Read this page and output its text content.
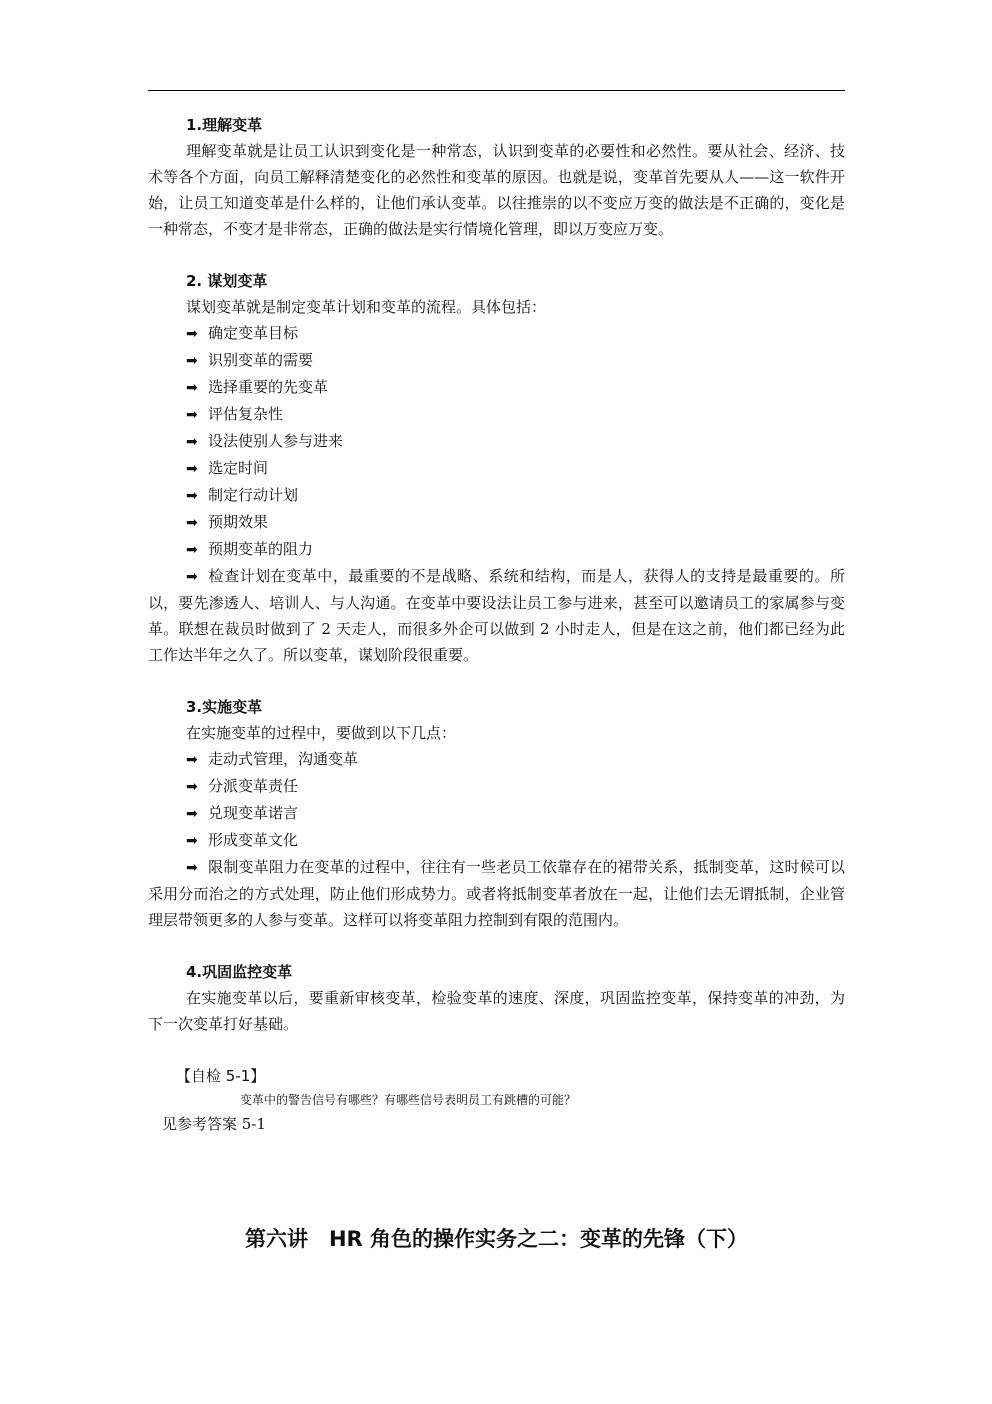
1.理解变革

理解变革就是让员工认识到变化是一种常态，认识到变革的必要性和必然性。要从社会、经济、技术等各个方面，向员工解释清楚变化的必然性和变革的原因。也就是说，变革首先要从人——这一软件开始，让员工知道变革是什么样的，让他们承认变革。以往推崇的以不变应万变的做法是不正确的，变化是一种常态，不变才是非常态，正确的做法是实行情境化管理，即以万变应万变。

2. 谋划变革

谋划变革就是制定变革计划和变革的流程。具体包括：

➡ 确定变革目标

➡ 识别变革的需要

➡ 选择重要的先变革

➡ 评估复杂性

➡ 设法使别人参与进来

➡ 选定时间

➡ 制定行动计划

➡ 预期效果

➡ 预期变革的阻力

➡ 检查计划在变革中，最重要的不是战略、系统和结构，而是人，获得人的支持是最重要的。所以，要先渗透人、培训人、与人沟通。在变革中要设法让员工参与进来，甚至可以邀请员工的家属参与变革。联想在裁员时做到了 2 天走人，而很多外企可以做到 2 小时走人，但是在这之前，他们都已经为此工作达半年之久了。所以变革，谋划阶段很重要。

3.实施变革

在实施变革的过程中，要做到以下几点：

➡ 走动式管理，沟通变革

➡ 分派变革责任

➡ 兑现变革诺言

➡ 形成变革文化

➡ 限制变革阻力在变革的过程中，往往有一些老员工依靠存在的裙带关系，抵制变革，这时候可以采用分而治之的方式处理，防止他们形成势力。或者将抵制变革者放在一起，让他们去无谓抵制，企业管理层带领更多的人参与变革。这样可以将变革阻力控制到有限的范围内。

4.巩固监控变革

在实施变革以后，要重新审核变革，检验变革的速度、深度，巩固监控变革，保持变革的冲劲，为下一次变革打好基础。

【自检 5-1】

变革中的警告信号有哪些？有哪些信号表明员工有跳槽的可能？

见参考答案 5-1

第六讲　HR 角色的操作实务之二：变革的先锋（下）
